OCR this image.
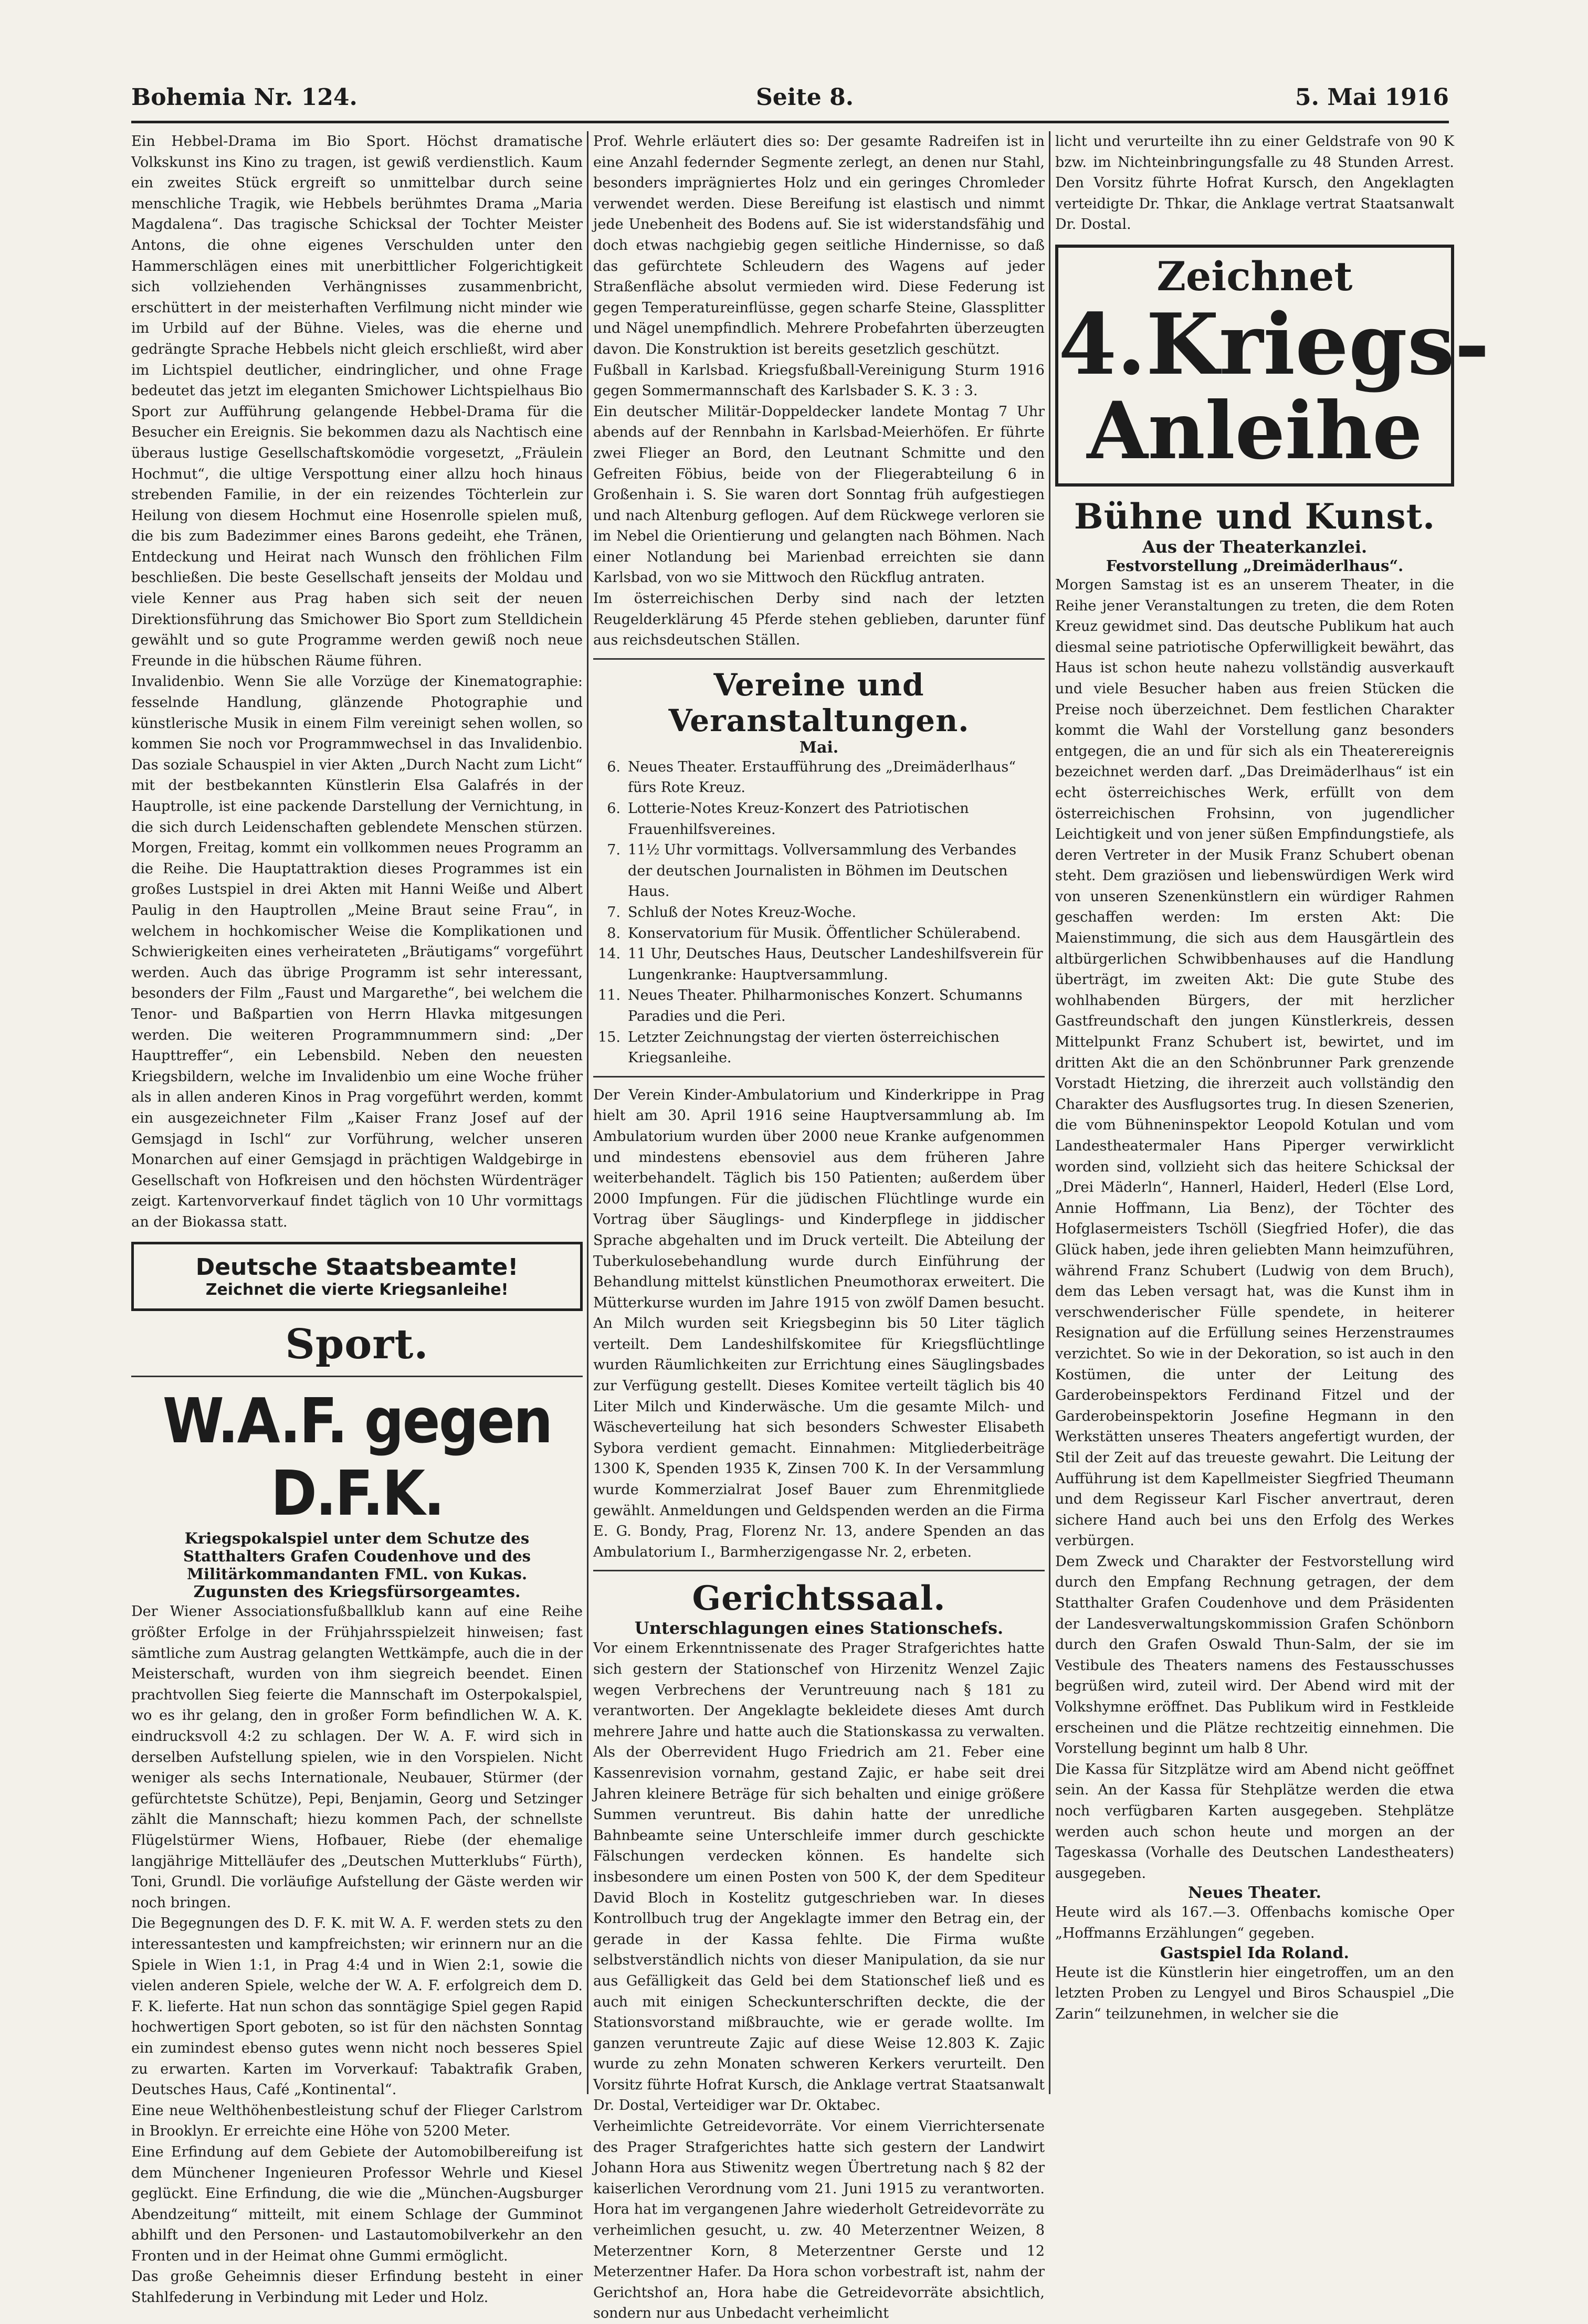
Bohemia Nr. 124.	Seite 8.	5. Mai 1916

Ein Hebbel-Drama im Bio Sport. Höchst dramatische Volkskunst ins Kino zu tragen, ist gewiß verdienstlich. Kaum ein zweites Stück ergreift so unmittelbar durch seine menschliche Tragik, wie Hebbels berühmtes Drama „Maria Magdalena“. Das tragische Schicksal der Tochter Meister Antons, die ohne eigenes Verschulden unter den Hammerschlägen eines mit unerbittlicher Folgerichtigkeit sich vollziehenden Verhängnisses zusammenbricht, erschüttert in der meisterhaften Verfilmung nicht minder wie im Urbild auf der Bühne. Vieles, was die eherne und gedrängte Sprache Hebbels nicht gleich erschließt, wird aber im Lichtspiel deutlicher, eindringlicher, und ohne Frage bedeutet das jetzt im eleganten Smichower Lichtspielhaus Bio Sport zur Aufführung gelangende Hebbel-Drama für die Besucher ein Ereignis. Sie bekommen dazu als Nachtisch eine überaus lustige Gesellschaftskomödie vorgesetzt, „Fräulein Hochmut“, die ultige Verspottung einer allzu hoch hinaus strebenden Familie, in der ein reizendes Töchterlein zur Heilung von diesem Hochmut eine Hosenrolle spielen muß, die bis zum Badezimmer eines Barons gedeiht, ehe Tränen, Entdeckung und Heirat nach Wunsch den fröhlichen Film beschließen. Die beste Gesellschaft jenseits der Moldau und viele Kenner aus Prag haben sich seit der neuen Direktionsführung das Smichower Bio Sport zum Stelldichein gewählt und so gute Programme werden gewiß noch neue Freunde in die hübschen Räume führen.

Invalidenbio. Wenn Sie alle Vorzüge der Kinematographie: fesselnde Handlung, glänzende Photographie und künstlerische Musik in einem Film vereinigt sehen wollen, so kommen Sie noch vor Programmwechsel in das Invalidenbio. Das soziale Schauspiel in vier Akten „Durch Nacht zum Licht“ mit der bestbekannten Künstlerin Elsa Galafrés in der Hauptrolle, ist eine packende Darstellung der Vernichtung, in die sich durch Leidenschaften geblendete Menschen stürzen. Morgen, Freitag, kommt ein vollkommen neues Programm an die Reihe. Die Hauptattraktion dieses Programmes ist ein großes Lustspiel in drei Akten mit Hanni Weiße und Albert Paulig in den Hauptrollen „Meine Braut seine Frau“, in welchem in hochkomischer Weise die Komplikationen und Schwierigkeiten eines verheirateten „Bräutigams“ vorgeführt werden. Auch das übrige Programm ist sehr interessant, besonders der Film „Faust und Margarethe“, bei welchem die Tenor- und Baßpartien von Herrn Hlavka mitgesungen werden. Die weiteren Programmnummern sind: „Der Haupttreffer“, ein Lebensbild. Neben den neuesten Kriegsbildern, welche im Invalidenbio um eine Woche früher als in allen anderen Kinos in Prag vorgeführt werden, kommt ein ausgezeichneter Film „Kaiser Franz Josef auf der Gemsjagd in Ischl“ zur Vorführung, welcher unseren Monarchen auf einer Gemsjagd in prächtigen Waldgebirge in Gesellschaft von Hofkreisen und den höchsten Würdenträger zeigt. Kartenvorverkauf findet täglich von 10 Uhr vormittags an der Biokassa statt.

Deutsche Staatsbeamte!

Zeichnet die vierte Kriegsanleihe!

Sport.

W.A.F. gegen D.F.K.

Kriegspokalspiel unter dem Schutze des Statthalters Grafen Coudenhove und des Militärkommandanten FML. von Kukas.

Zugunsten des Kriegsfürsorgeamtes.

Der Wiener Associationsfußballklub kann auf eine Reihe größter Erfolge in der Frühjahrsspielzeit hinweisen; fast sämtliche zum Austrag gelangten Wettkämpfe, auch die in der Meisterschaft, wurden von ihm siegreich beendet. Einen prachtvollen Sieg feierte die Mannschaft im Osterpokalspiel, wo es ihr gelang, den in großer Form befindlichen W. A. K. eindrucksvoll 4:2 zu schlagen. Der W. A. F. wird sich in derselben Aufstellung spielen, wie in den Vorspielen. Nicht weniger als sechs Internationale, Neubauer, Stürmer (der gefürchtetste Schütze), Pepi, Benjamin, Georg und Setzinger zählt die Mannschaft; hiezu kommen Pach, der schnellste Flügelstürmer Wiens, Hofbauer, Riebe (der ehemalige langjährige Mittelläufer des „Deutschen Mutterklubs“ Fürth), Toni, Grundl. Die vorläufige Aufstellung der Gäste werden wir noch bringen.

Die Begegnungen des D. F. K. mit W. A. F. werden stets zu den interessantesten und kampfreichsten; wir erinnern nur an die Spiele in Wien 1:1, in Prag 4:4 und in Wien 2:1, sowie die vielen anderen Spiele, welche der W. A. F. erfolgreich dem D. F. K. lieferte. Hat nun schon das sonntägige Spiel gegen Rapid hochwertigen Sport geboten, so ist für den nächsten Sonntag ein zumindest ebenso gutes wenn nicht noch besseres Spiel zu erwarten. Karten im Vorverkauf: Tabaktrafik Graben, Deutsches Haus, Café „Kontinental“.

Eine neue Welthöhenbestleistung schuf der Flieger Carlstrom in Brooklyn. Er erreichte eine Höhe von 5200 Meter.

Eine Erfindung auf dem Gebiete der Automobilbereifung ist dem Münchener Ingenieuren Professor Wehrle und Kiesel geglückt. Eine Erfindung, die wie die „München-Augsburger Abendzeitung“ mitteilt, mit einem Schlage der Gumminot abhilft und den Personen- und Lastautomobilverkehr an den Fronten und in der Heimat ohne Gummi ermöglicht.

Das große Geheimnis dieser Erfindung besteht in einer Stahlfederung in Verbindung mit Leder und Holz.

Prof. Wehrle erläutert dies so: Der gesamte Radreifen ist in eine Anzahl federnder Segmente zerlegt, an denen nur Stahl, besonders imprägniertes Holz und ein geringes Chromleder verwendet werden. Diese Bereifung ist elastisch und nimmt jede Unebenheit des Bodens auf. Sie ist widerstandsfähig und doch etwas nachgiebig gegen seitliche Hindernisse, so daß das gefürchtete Schleudern des Wagens auf jeder Straßenfläche absolut vermieden wird. Diese Federung ist gegen Temperatureinflüsse, gegen scharfe Steine, Glassplitter und Nägel unempfindlich. Mehrere Probefahrten überzeugten davon. Die Konstruktion ist bereits gesetzlich geschützt.

Fußball in Karlsbad. Kriegsfußball-Vereinigung Sturm 1916 gegen Sommermannschaft des Karlsbader S. K. 3 : 3.

Ein deutscher Militär-Doppeldecker landete Montag 7 Uhr abends auf der Rennbahn in Karlsbad-Meierhöfen. Er führte zwei Flieger an Bord, den Leutnant Schmitte und den Gefreiten Föbius, beide von der Fliegerabteilung 6 in Großenhain i. S. Sie waren dort Sonntag früh aufgestiegen und nach Altenburg geflogen. Auf dem Rückwege verloren sie im Nebel die Orientierung und gelangten nach Böhmen. Nach einer Notlandung bei Marienbad erreichten sie dann Karlsbad, von wo sie Mittwoch den Rückflug antraten.

Im österreichischen Derby sind nach der letzten Reugelderklärung 45 Pferde stehen geblieben, darunter fünf aus reichsdeutschen Ställen.

Vereine und Veranstaltungen.

Mai.

6. Neues Theater. Erstaufführung des „Dreimäderlhaus“ fürs Rote Kreuz.
6. Lotterie-Notes Kreuz-Konzert des Patriotischen Frauenhilfsvereines.
7. 11½ Uhr vormittags. Vollversammlung des Verbandes der deutschen Journalisten in Böhmen im Deutschen Haus.
7. Schluß der Notes Kreuz-Woche.
8. Konservatorium für Musik. Öffentlicher Schülerabend.
14. 11 Uhr, Deutsches Haus, Deutscher Landeshilfsverein für Lungenkranke: Hauptversammlung.
11. Neues Theater. Philharmonisches Konzert. Schumanns Paradies und die Peri.
15. Letzter Zeichnungstag der vierten österreichischen Kriegsanleihe.

Der Verein Kinder-Ambulatorium und Kinderkrippe in Prag hielt am 30. April 1916 seine Hauptversammlung ab. Im Ambulatorium wurden über 2000 neue Kranke aufgenommen und mindestens ebensoviel aus dem früheren Jahre weiterbehandelt. Täglich bis 150 Patienten; außerdem über 2000 Impfungen. Für die jüdischen Flüchtlinge wurde ein Vortrag über Säuglings- und Kinderpflege in jiddischer Sprache abgehalten und im Druck verteilt. Die Abteilung der Tuberkulosebehandlung wurde durch Einführung der Behandlung mittelst künstlichen Pneumothorax erweitert. Die Mütterkurse wurden im Jahre 1915 von zwölf Damen besucht. An Milch wurden seit Kriegsbeginn bis 50 Liter täglich verteilt. Dem Landeshilfskomitee für Kriegsflüchtlinge wurden Räumlichkeiten zur Errichtung eines Säuglingsbades zur Verfügung gestellt. Dieses Komitee verteilt täglich bis 40 Liter Milch und Kinderwäsche. Um die gesamte Milch- und Wäscheverteilung hat sich besonders Schwester Elisabeth Sybora verdient gemacht. Einnahmen: Mitgliederbeiträge 1300 K, Spenden 1935 K, Zinsen 700 K. In der Versammlung wurde Kommerzialrat Josef Bauer zum Ehrenmitgliede gewählt. Anmeldungen und Geldspenden werden an die Firma E. G. Bondy, Prag, Florenz Nr. 13, andere Spenden an das Ambulatorium I., Barmherzigengasse Nr. 2, erbeten.

Gerichtssaal.

Unterschlagungen eines Stationschefs.

Vor einem Erkenntnissenate des Prager Strafgerichtes hatte sich gestern der Stationschef von Hirzenitz Wenzel Zajic wegen Verbrechens der Veruntreuung nach § 181 zu verantworten. Der Angeklagte bekleidete dieses Amt durch mehrere Jahre und hatte auch die Stationskassa zu verwalten. Als der Oberrevident Hugo Friedrich am 21. Feber eine Kassenrevision vornahm, gestand Zajic, er habe seit drei Jahren kleinere Beträge für sich behalten und einige größere Summen veruntreut. Bis dahin hatte der unredliche Bahnbeamte seine Unterschleife immer durch geschickte Fälschungen verdecken können. Es handelte sich insbesondere um einen Posten von 500 K, der dem Spediteur David Bloch in Kostelitz gutgeschrieben war. In dieses Kontrollbuch trug der Angeklagte immer den Betrag ein, der gerade in der Kassa fehlte. Die Firma wußte selbstverständlich nichts von dieser Manipulation, da sie nur aus Gefälligkeit das Geld bei dem Stationschef ließ und es auch mit einigen Scheckunterschriften deckte, die der Stationsvorstand mißbrauchte, wie er gerade wollte. Im ganzen veruntreute Zajic auf diese Weise 12.803 K. Zajic wurde zu zehn Monaten schweren Kerkers verurteilt. Den Vorsitz führte Hofrat Kursch, die Anklage vertrat Staatsanwalt Dr. Dostal, Verteidiger war Dr. Oktabec.

Verheimlichte Getreidevorräte. Vor einem Vierrichtersenate des Prager Strafgerichtes hatte sich gestern der Landwirt Johann Hora aus Stiwenitz wegen Übertretung nach § 82 der kaiserlichen Verordnung vom 21. Juni 1915 zu verantworten. Hora hat im vergangenen Jahre wiederholt Getreidevorräte zu verheimlichen gesucht, u. zw. 40 Meterzentner Weizen, 8 Meterzentner Korn, 8 Meterzentner Gerste und 12 Meterzentner Hafer. Da Hora schon vorbestraft ist, nahm der Gerichtshof an, Hora habe die Getreidevorräte absichtlich, sondern nur aus Unbedacht verheimlicht

licht und verurteilte ihn zu einer Geldstrafe von 90 K bzw. im Nichteinbringungsfalle zu 48 Stunden Arrest. Den Vorsitz führte Hofrat Kursch, den Angeklagten verteidigte Dr. Thkar, die Anklage vertrat Staatsanwalt Dr. Dostal.

Zeichnet

4.Kriegs-

Anleihe

Bühne und Kunst.

Aus der Theaterkanzlei.

Festvorstellung „Dreimäderlhaus“.

Morgen Samstag ist es an unserem Theater, in die Reihe jener Veranstaltungen zu treten, die dem Roten Kreuz gewidmet sind. Das deutsche Publikum hat auch diesmal seine patriotische Opferwilligkeit bewährt, das Haus ist schon heute nahezu vollständig ausverkauft und viele Besucher haben aus freien Stücken die Preise noch überzeichnet. Dem festlichen Charakter kommt die Wahl der Vorstellung ganz besonders entgegen, die an und für sich als ein Theaterereignis bezeichnet werden darf. „Das Dreimäderlhaus“ ist ein echt österreichisches Werk, erfüllt von dem österreichischen Frohsinn, von jugendlicher Leichtigkeit und von jener süßen Empfindungstiefe, als deren Vertreter in der Musik Franz Schubert obenan steht. Dem graziösen und liebenswürdigen Werk wird von unseren Szenenkünstlern ein würdiger Rahmen geschaffen werden: Im ersten Akt: Die Maienstimmung, die sich aus dem Hausgärtlein des altbürgerlichen Schwibbenhauses auf die Handlung überträgt, im zweiten Akt: Die gute Stube des wohlhabenden Bürgers, der mit herzlicher Gastfreundschaft den jungen Künstlerkreis, dessen Mittelpunkt Franz Schubert ist, bewirtet, und im dritten Akt die an den Schönbrunner Park grenzende Vorstadt Hietzing, die ihrerzeit auch vollständig den Charakter des Ausflugsortes trug. In diesen Szenerien, die vom Bühneninspektor Leopold Kotulan und vom Landestheatermaler Hans Piperger verwirklicht worden sind, vollzieht sich das heitere Schicksal der „Drei Mäderln“, Hannerl, Haiderl, Hederl (Else Lord, Annie Hoffmann, Lia Benz), der Töchter des Hofglasermeisters Tschöll (Siegfried Hofer), die das Glück haben, jede ihren geliebten Mann heimzuführen, während Franz Schubert (Ludwig von dem Bruch), dem das Leben versagt hat, was die Kunst ihm in verschwenderischer Fülle spendete, in heiterer Resignation auf die Erfüllung seines Herzenstraumes verzichtet. So wie in der Dekoration, so ist auch in den Kostümen, die unter der Leitung des Garderobeinspektors Ferdinand Fitzel und der Garderobeinspektorin Josefine Hegmann in den Werkstätten unseres Theaters angefertigt wurden, der Stil der Zeit auf das treueste gewahrt. Die Leitung der Aufführung ist dem Kapellmeister Siegfried Theumann und dem Regisseur Karl Fischer anvertraut, deren sichere Hand auch bei uns den Erfolg des Werkes verbürgen.

Dem Zweck und Charakter der Festvorstellung wird durch den Empfang Rechnung getragen, der dem Statthalter Grafen Coudenhove und dem Präsidenten der Landesverwaltungskommission Grafen Schönborn durch den Grafen Oswald Thun-Salm, der sie im Vestibule des Theaters namens des Festausschusses begrüßen wird, zuteil wird. Der Abend wird mit der Volkshymne eröffnet. Das Publikum wird in Festkleide erscheinen und die Plätze rechtzeitig einnehmen. Die Vorstellung beginnt um halb 8 Uhr.

Die Kassa für Sitzplätze wird am Abend nicht geöffnet sein. An der Kassa für Stehplätze werden die etwa noch verfügbaren Karten ausgegeben. Stehplätze werden auch schon heute und morgen an der Tageskassa (Vorhalle des Deutschen Landestheaters) ausgegeben.

Neues Theater.

Heute wird als 167.—3. Offenbachs komische Oper „Hoffmanns Erzählungen“ gegeben.

Gastspiel Ida Roland.

Heute ist die Künstlerin hier eingetroffen, um an den letzten Proben zu Lengyel und Biros Schauspiel „Die Zarin“ teilzunehmen, in welcher sie die
